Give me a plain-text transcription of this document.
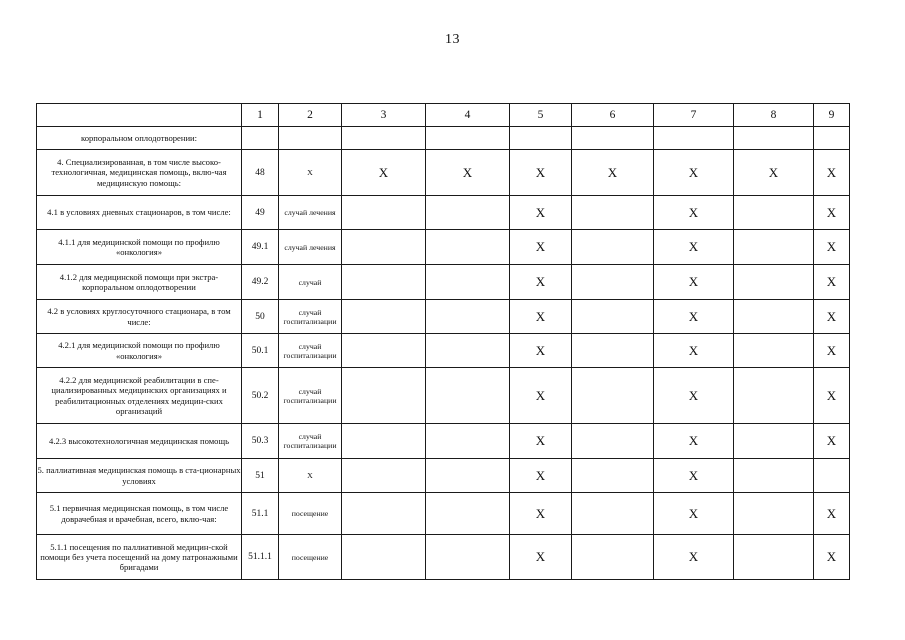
13
	1	2	3	4	5	6	7	8	9
корпоральном оплодотворении:									
4. Специализированная, в том числе высоко-технологичная, медицинская помощь, вклю-чая медицинскую помощь:	48	Х	Х	Х	Х	Х	Х	Х	Х
4.1 в условиях дневных стационаров, в том числе:	49	случай лечения			Х		Х		Х
4.1.1 для медицинской помощи по профилю «онкология»	49.1	случай лечения			Х		Х		Х
4.1.2 для медицинской помощи при экстра-корпоральном оплодотворении	49.2	случай			Х		Х		Х
4.2 в условиях круглосуточного стационара, в том числе:	50	случай госпитализации			Х		Х		Х
4.2.1 для медицинской помощи по профилю «онкология»	50.1	случай госпитализации			Х		Х		Х
4.2.2 для медицинской реабилитации в спе-циализированных медицинских организациях и реабилитационных отделениях медицин-ских организаций	50.2	случай госпитализации			Х		Х		Х
4.2.3 высокотехнологичная медицинская помощь	50.3	случай госпитализации			Х		Х		Х
5. паллиативная медицинская помощь в ста-ционарных условиях	51	Х			Х		Х		
5.1 первичная медицинская помощь, в том числе доврачебная и врачебная, всего, вклю-чая:	51.1	посещение			Х		Х		Х
5.1.1 посещения по паллиативной медицин-ской помощи без учета посещений на дому патронажными бригадами	51.1.1	посещение			Х		Х		Х
